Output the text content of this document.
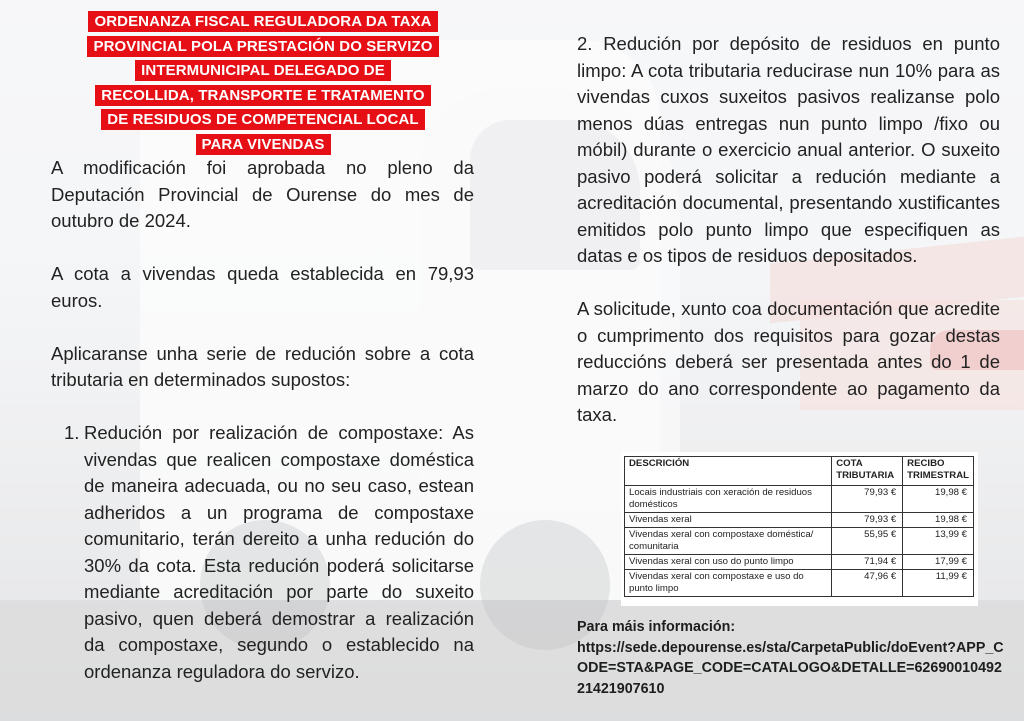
ORDENANZA FISCAL REGULADORA DA TAXA
PROVINCIAL POLA PRESTACIÓN DO SERVIZO
INTERMUNICIPAL DELEGADO DE
RECOLLIDA, TRANSPORTE E TRATAMENTO
DE RESIDUOS DE COMPETENCIAL LOCAL
PARA VIVENDAS

A modificación foi aprobada no pleno da Deputación Provincial de Ourense do mes de outubro de 2024.

A cota a vivendas queda establecida en 79,93 euros.

Aplicaranse unha serie de redución sobre a cota tributaria en determinados supostos:

1. Redución por realización de compostaxe: As vivendas que realicen compostaxe doméstica de maneira adecuada, ou no seu caso, estean adheridos a un programa de compostaxe comunitario, terán dereito a unha redución do 30% da cota. Esta redución poderá solicitarse mediante acreditación por parte do suxeito pasivo, quen deberá demostrar a realización da compostaxe, segundo o establecido na ordenanza reguladora do servizo.

2. Redución por depósito de residuos en punto limpo: A cota tributaria reducirase nun 10% para as vivendas cuxos suxeitos pasivos realizanse polo menos dúas entregas nun punto limpo /fixo ou móbil) durante o exercicio anual anterior. O suxeito pasivo poderá solicitar a redución mediante a acreditación documental, presentando xustificantes emitidos polo punto limpo que especifiquen as datas e os tipos de residuos depositados.

A solicitude, xunto coa documentación que acredite o cumprimento dos requisitos para gozar destas reduccións deberá ser presentada antes do 1 de marzo do ano correspondente ao pagamento da taxa.

DESCRICIÓN	COTA TRIBUTARIA	RECIBO TRIMESTRAL
Locais industriais con xeración de residuos domésticos	79,93 €	19,98 €
Vivendas xeral	79,93 €	19,98 €
Vivendas xeral con compostaxe doméstica/ comunitaria	55,95 €	13,99 €
Vivendas xeral con uso do punto limpo	71,94 €	17,99 €
Vivendas xeral con compostaxe e uso do punto limpo	47,96 €	11,99 €
Para máis información:
https://sede.depourense.es/sta/CarpetaPublic/doEvent?APP_CODE=STA&PAGE_CODE=CATALOGO&DETALLE=6269001049221421907610
